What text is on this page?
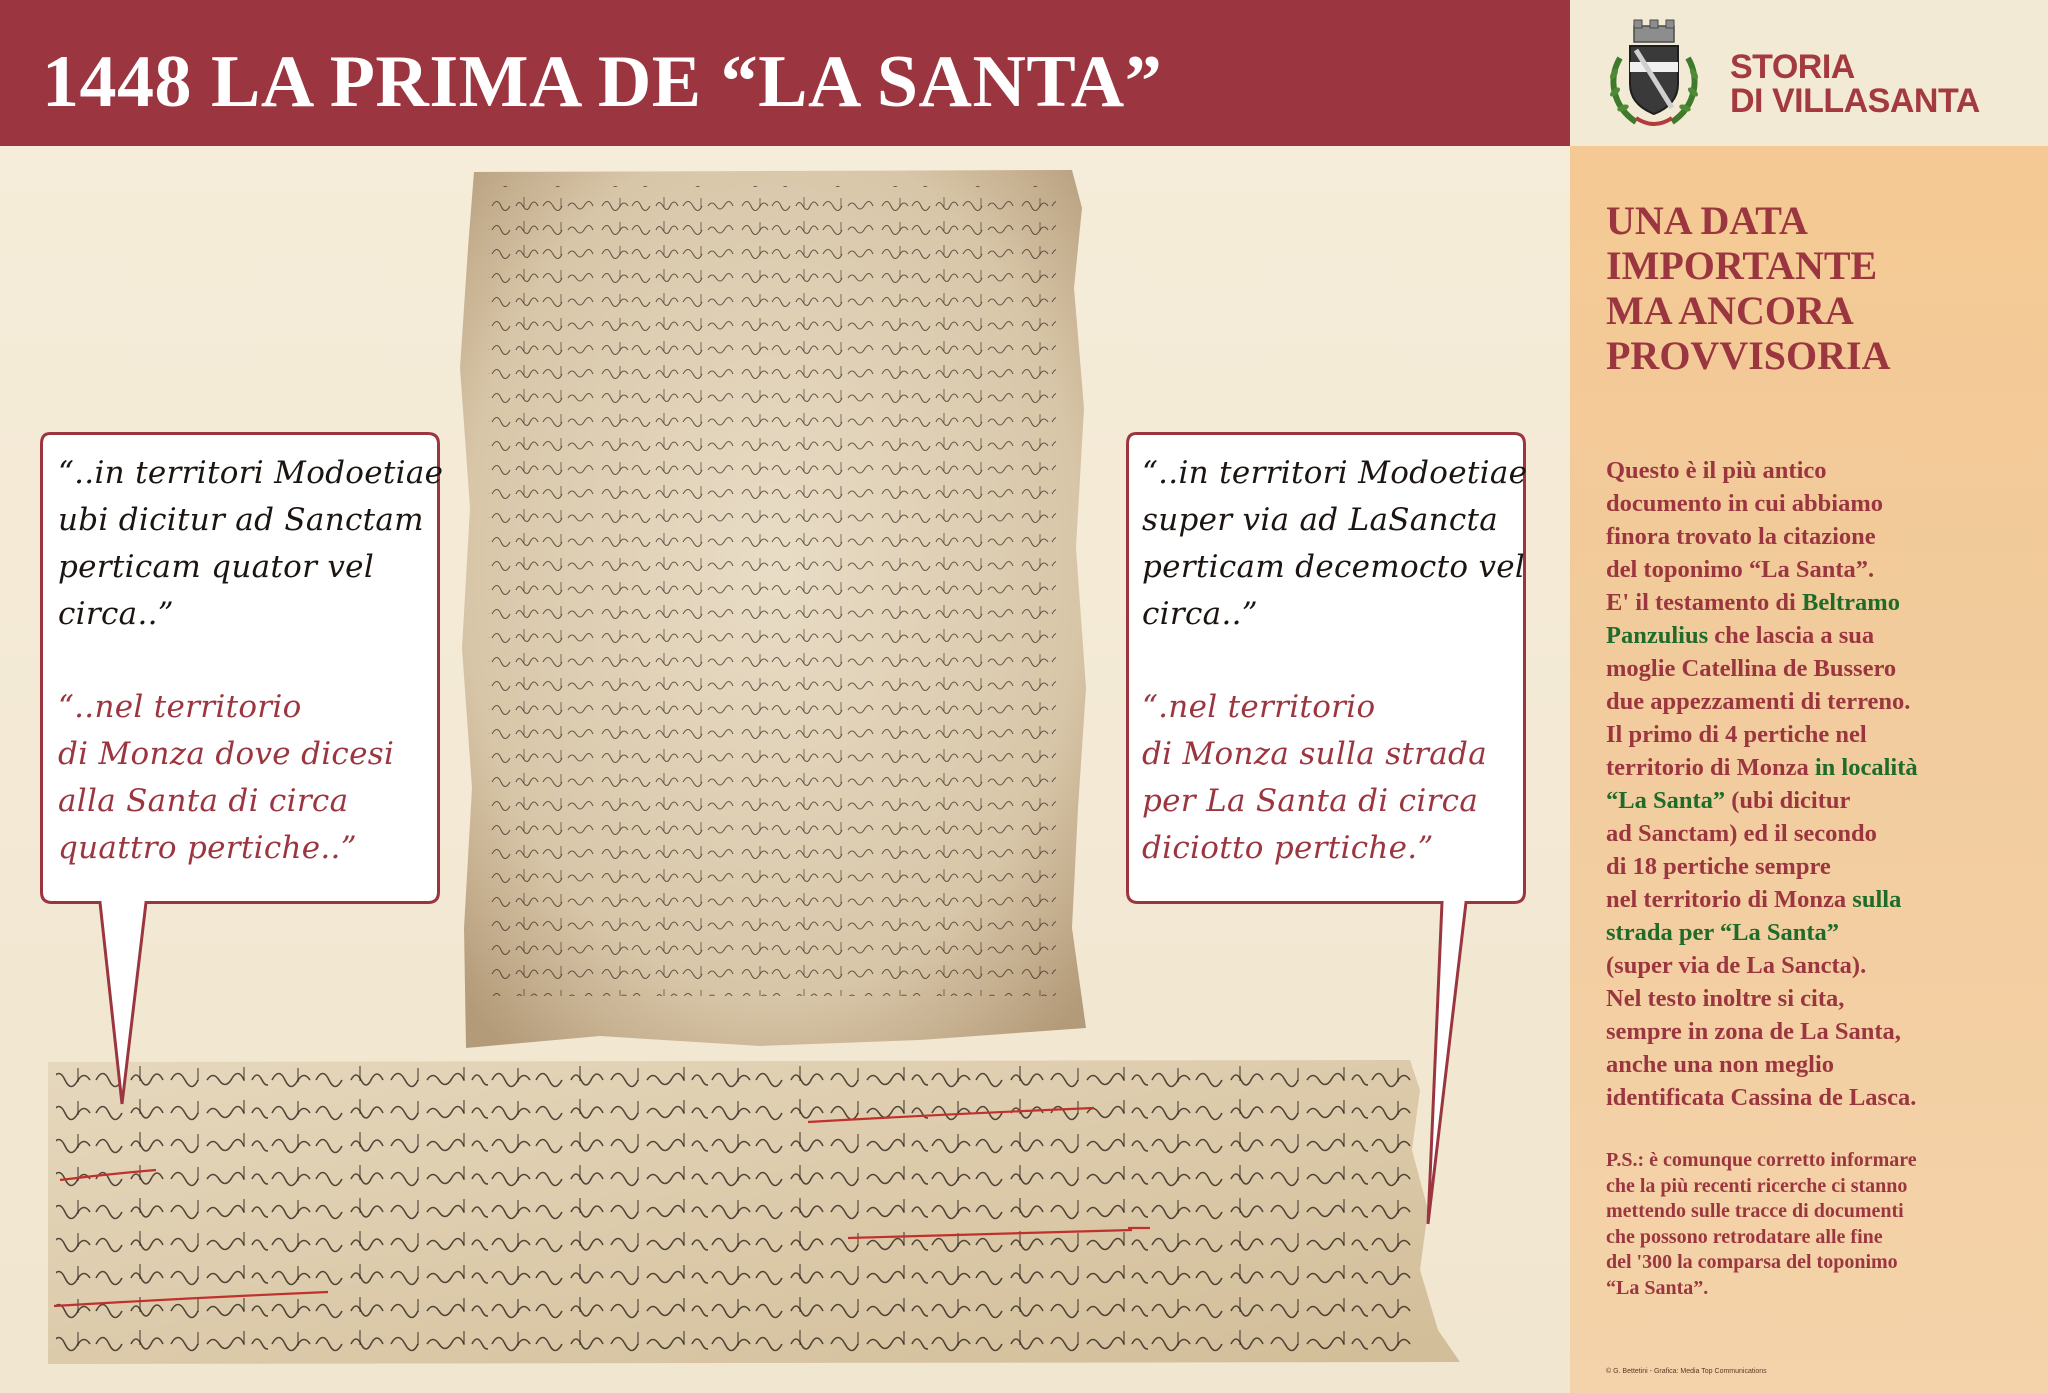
1448 LA PRIMA DE “LA SANTA”	STORIA
DI VILLASANTA
“..in territori Modoetiae
ubi dicitur ad Sanctam
perticam quator vel
circa..”
“..nel territorio
di Monza dove dicesi
alla Santa di circa
quattro pertiche..”
“..in territori Modoetiae
super via ad LaSancta
perticam decemocto vel
circa..”
“.nel territorio
di Monza sulla strada
per La Santa di circa
diciotto pertiche.”
UNA DATA
IMPORTANTE
MA ANCORA
PROVVISORIA
Questo è il più antico
documento in cui abbiamo
finora trovato la citazione
del toponimo “La Santa”.
E' il testamento di Beltramo
Panzulius che lascia a sua
moglie Catellina de Bussero
due appezzamenti di terreno.
Il primo di 4 pertiche nel
territorio di Monza in località
“La Santa” (ubi dicitur
ad Sanctam) ed il secondo
di 18 pertiche sempre
nel territorio di Monza sulla
strada per “La Santa”
(super via de La Sancta).
Nel testo inoltre si cita,
sempre in zona de La Santa,
anche una non meglio
identificata Cassina de Lasca.
P.S.: è comunque corretto informare
che la più recenti ricerche ci stanno
mettendo sulle tracce di documenti
che possono retrodatare alle fine
del '300 la comparsa del toponimo
“La Santa”.
© G. Bettetini - Grafica: Media Top Communications
